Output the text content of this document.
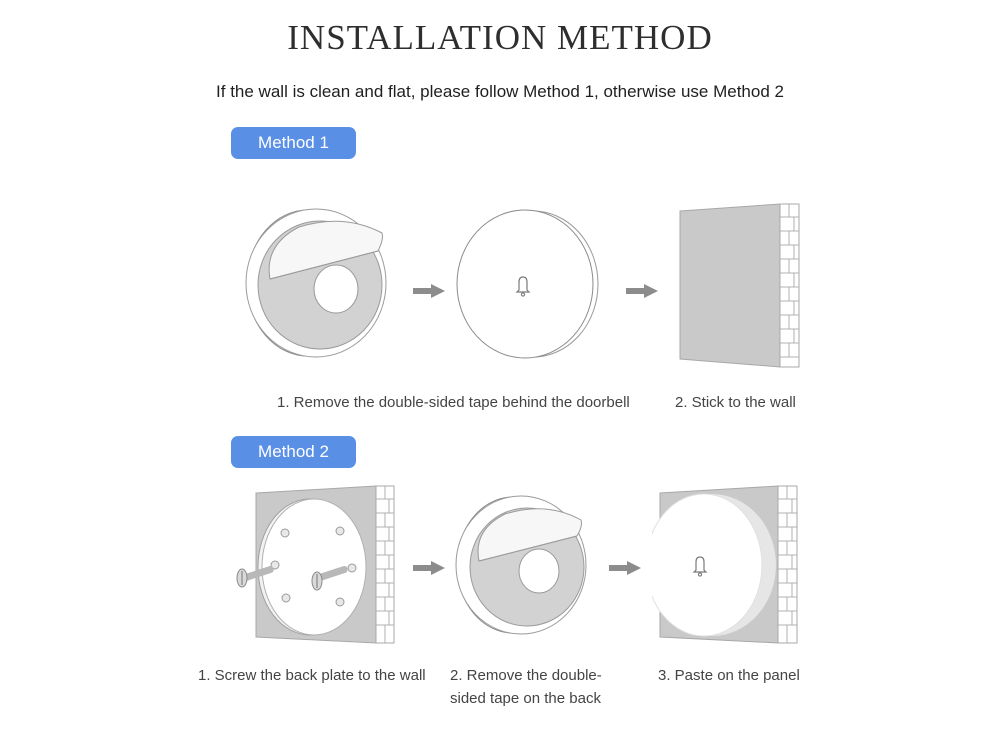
INSTALLATION METHOD
If the wall is clean and flat, please follow Method 1, otherwise use Method 2
Method 1
1. Remove the double-sided tape behind the doorbell	2. Stick to the wall
Method 2
1. Screw the back plate to the wall 2. Remove the double-
sided tape on the back
3. Paste on the panel
